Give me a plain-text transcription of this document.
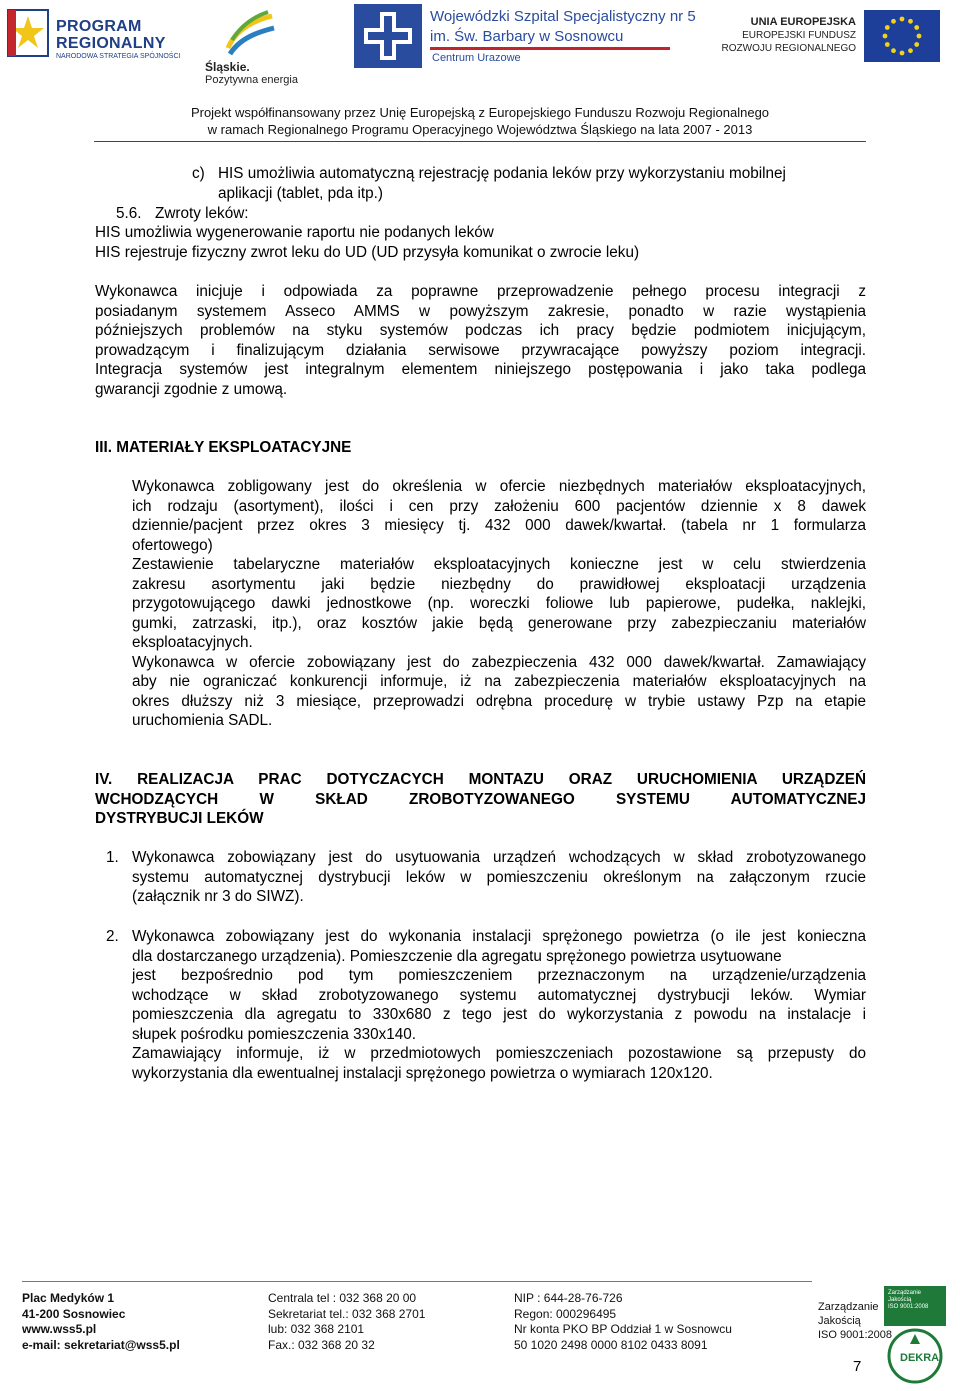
PROGRAM
REGIONALNY
NARODOWA STRATEGIA SPÓJNOŚCI
Śląskie.
Pozytywna energia
Wojewódzki Szpital Specjalistyczny nr 5
im. Św. Barbary w Sosnowcu
Centrum Urazowe
UNIA EUROPEJSKA
EUROPEJSKI FUNDUSZ
ROZWOJU REGIONALNEGO
Projekt współfinansowany przez Unię Europejską z Europejskiego Funduszu Rozwoju Regionalnego
w ramach Regionalnego Programu Operacyjnego Województwa Śląskiego na lata 2007 - 2013
c) HIS umożliwia automatyczną rejestrację podania leków przy wykorzystaniu mobilnej
aplikacji (tablet, pda itp.)
5.6. Zwroty leków:
HIS umożliwia wygenerowanie raportu nie podanych leków
HIS rejestruje fizyczny zwrot leku do UD (UD przysyła komunikat o zwrocie leku)
Wykonawca inicjuje i odpowiada za poprawne przeprowadzenie pełnego procesu integracji z
posiadanym systemem Asseco AMMS w powyższym zakresie, ponadto w razie wystąpienia
późniejszych problemów na styku systemów podczas ich pracy będzie podmiotem inicjującym,
prowadzącym i finalizującym działania serwisowe przywracające powyższy poziom integracji.
Integracja systemów jest integralnym elementem niniejszego postępowania i jako taka podlega
gwarancji zgodnie z umową.
III. MATERIAŁY EKSPLOATACYJNE
Wykonawca zobligowany jest do określenia w ofercie niezbędnych materiałów eksploatacyjnych,
ich rodzaju (asortyment), ilości i cen przy założeniu 600 pacjentów dziennie x 8 dawek
dziennie/pacjent przez okres 3 miesięcy tj. 432 000 dawek/kwartał. (tabela nr 1 formularza
ofertowego)
Zestawienie tabelaryczne materiałów eksploatacyjnych konieczne jest w celu stwierdzenia
zakresu asortymentu jaki będzie niezbędny do prawidłowej eksploatacji urządzenia
przygotowującego dawki jednostkowe (np. woreczki foliowe lub papierowe, pudełka, naklejki,
gumki, zatrzaski, itp.), oraz kosztów jakie będą generowane przy zabezpieczaniu materiałów
eksploatacyjnych.
Wykonawca w ofercie zobowiązany jest do zabezpieczenia 432 000 dawek/kwartał. Zamawiający
aby nie ograniczać konkurencji informuje, iż na zabezpieczenia materiałów eksploatacyjnych na
okres dłuższy niż 3 miesiące, przeprowadzi odrębna procedurę w trybie ustawy Pzp na etapie
uruchomienia SADL.
IV. REALIZACJA PRAC DOTYCZACYCH MONTAZU ORAZ URUCHOMIENIA URZĄDZEŃ
WCHODZĄCYCH W SKŁAD ZROBOTYZOWANEGO SYSTEMU AUTOMATYCZNEJ
DYSTRYBUCJI LEKÓW
1. Wykonawca zobowiązany jest do usytuowania urządzeń wchodzących w skład zrobotyzowanego
systemu automatycznej dystrybucji leków w pomieszczeniu określonym na załączonym rzucie
(załącznik nr 3 do SIWZ).
2. Wykonawca zobowiązany jest do wykonania instalacji sprężonego powietrza (o ile jest konieczna
dla dostarczanego urządzenia). Pomieszczenie dla agregatu sprężonego powietrza usytuowane
jest bezpośrednio pod tym pomieszczeniem przeznaczonym na urządzenie/urządzenia
wchodzące w skład zrobotyzowanego systemu automatycznej dystrybucji leków. Wymiar
pomieszczenia dla agregatu to 330x680 z tego jest do wykorzystania z powodu na instalacje i
słupek pośrodku pomieszczenia 330x140.
Zamawiający informuje, iż w przedmiotowych pomieszczeniach pozostawione są przepusty do
wykorzystania dla ewentualnej instalacji sprężonego powietrza o wymiarach 120x120.
Plac Medyków 1
41-200 Sosnowiec
www.wss5.pl
e-mail: sekretariat@wss5.pl
Centrala tel : 032 368 20 00
Sekretariat tel.: 032 368 2701
lub: 032 368 2101
Fax.: 032 368 20 32
NIP : 644-28-76-726
Regon: 000296495
Nr konta PKO BP Oddział 1 w Sosnowcu
50 1020 2498 0000 8102 0433 8091
Zarządzanie
Jakością
ISO 9001:2008
Zarządzanie
Jakością
ISO 9001:2008
DEKRA
7
